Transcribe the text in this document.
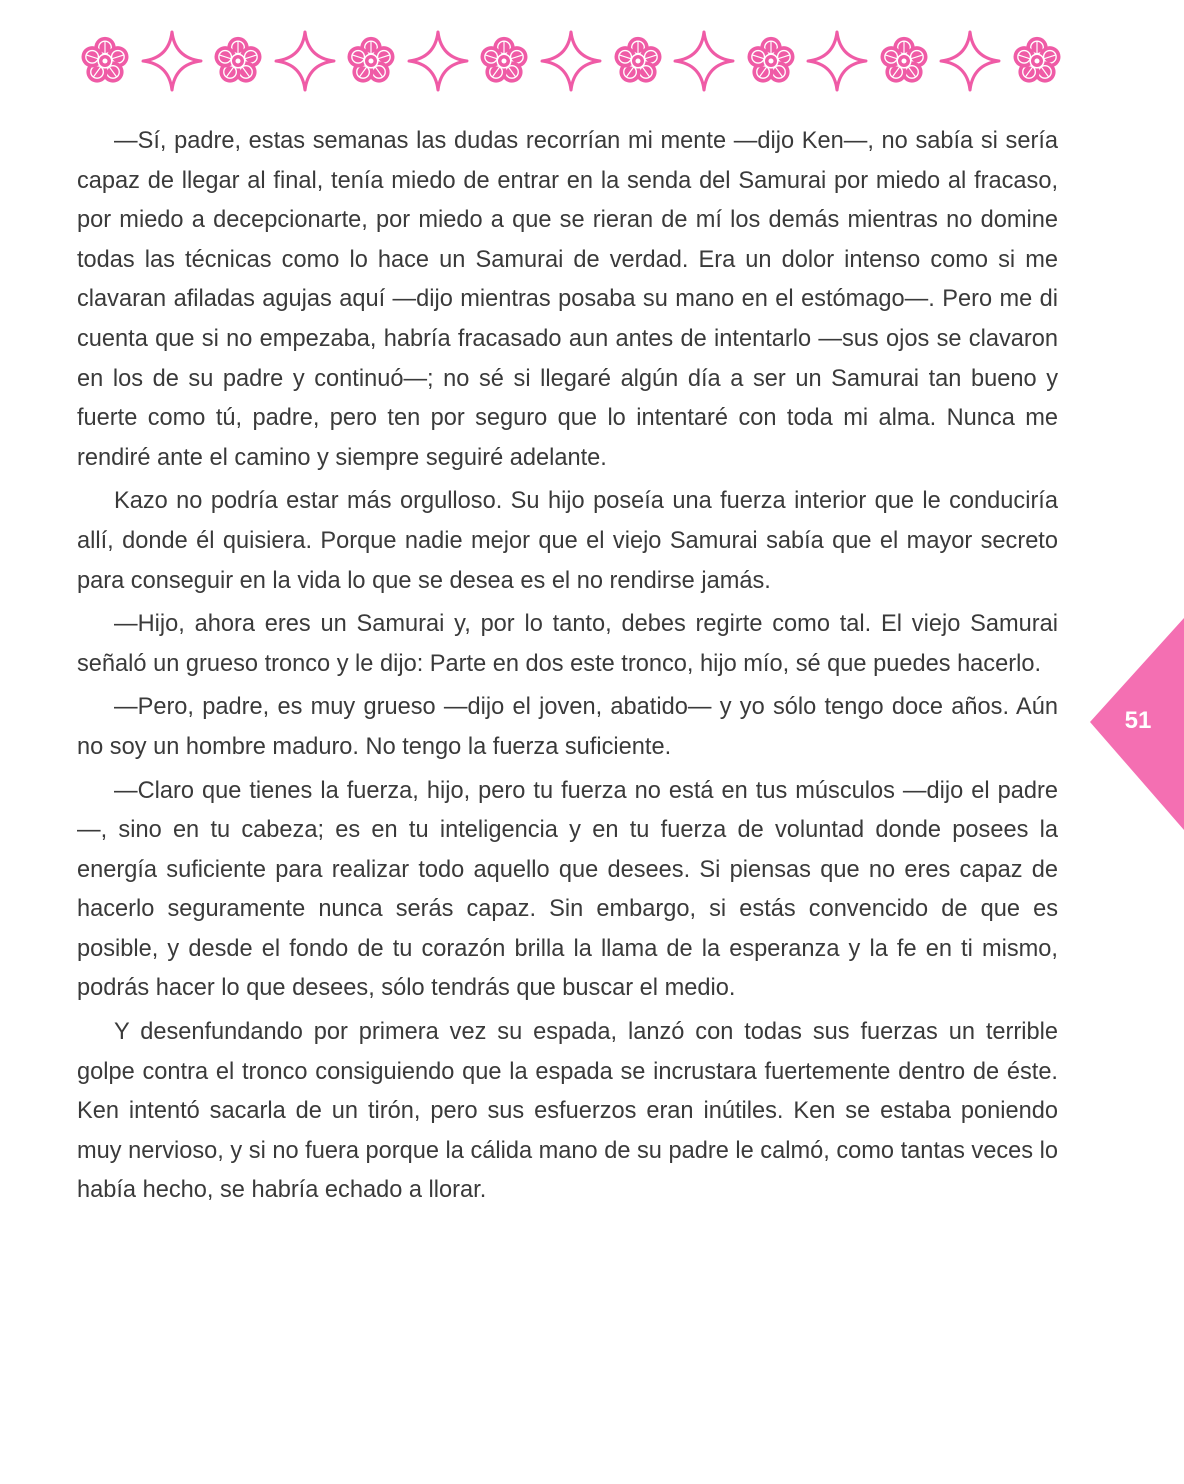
—Sí, padre, estas semanas las dudas recorrían mi mente —dijo Ken—, no sabía si sería capaz de llegar al final, tenía miedo de entrar en la senda del Samurai por miedo al fracaso, por miedo a decepcionarte, por miedo a que se rieran de mí los demás mientras no domine todas las técnicas como lo hace un Samurai de verdad. Era un dolor intenso como si me clavaran afiladas agujas aquí —dijo mientras posaba su mano en el estómago—. Pero me di cuenta que si no empezaba, habría fracasado aun antes de intentarlo —sus ojos se clavaron en los de su padre y continuó—; no sé si llegaré algún día a ser un Samurai tan bueno y fuerte como tú, padre, pero ten por seguro que lo intentaré con toda mi alma. Nunca me rendiré ante el camino y siempre seguiré adelante.

Kazo no podría estar más orgulloso. Su hijo poseía una fuerza interior que le conduciría allí, donde él quisiera. Porque nadie mejor que el viejo Samurai sabía que el mayor secreto para conseguir en la vida lo que se desea es el no rendirse jamás.

—Hijo, ahora eres un Samurai y, por lo tanto, debes regirte como tal. El viejo Samurai señaló un grueso tronco y le dijo: Parte en dos este tronco, hijo mío, sé que puedes hacerlo.

—Pero, padre, es muy grueso —dijo el joven, abatido— y yo sólo tengo doce años. Aún no soy un hombre maduro. No tengo la fuerza suficiente.

—Claro que tienes la fuerza, hijo, pero tu fuerza no está en tus músculos —dijo el padre—, sino en tu cabeza; es en tu inteligencia y en tu fuerza de voluntad donde posees la energía suficiente para realizar todo aquello que desees. Si piensas que no eres capaz de hacerlo seguramente nunca serás capaz. Sin embargo, si estás convencido de que es posible, y desde el fondo de tu corazón brilla la llama de la esperanza y la fe en ti mismo, podrás hacer lo que desees, sólo tendrás que buscar el medio.

Y desenfundando por primera vez su espada, lanzó con todas sus fuerzas un terrible golpe contra el tronco consiguiendo que la espada se incrustara fuertemente dentro de éste. Ken intentó sacarla de un tirón, pero sus esfuerzos eran inútiles. Ken se estaba poniendo muy nervioso, y si no fuera porque la cálida mano de su padre le calmó, como tantas veces lo había hecho, se habría echado a llorar.

51
